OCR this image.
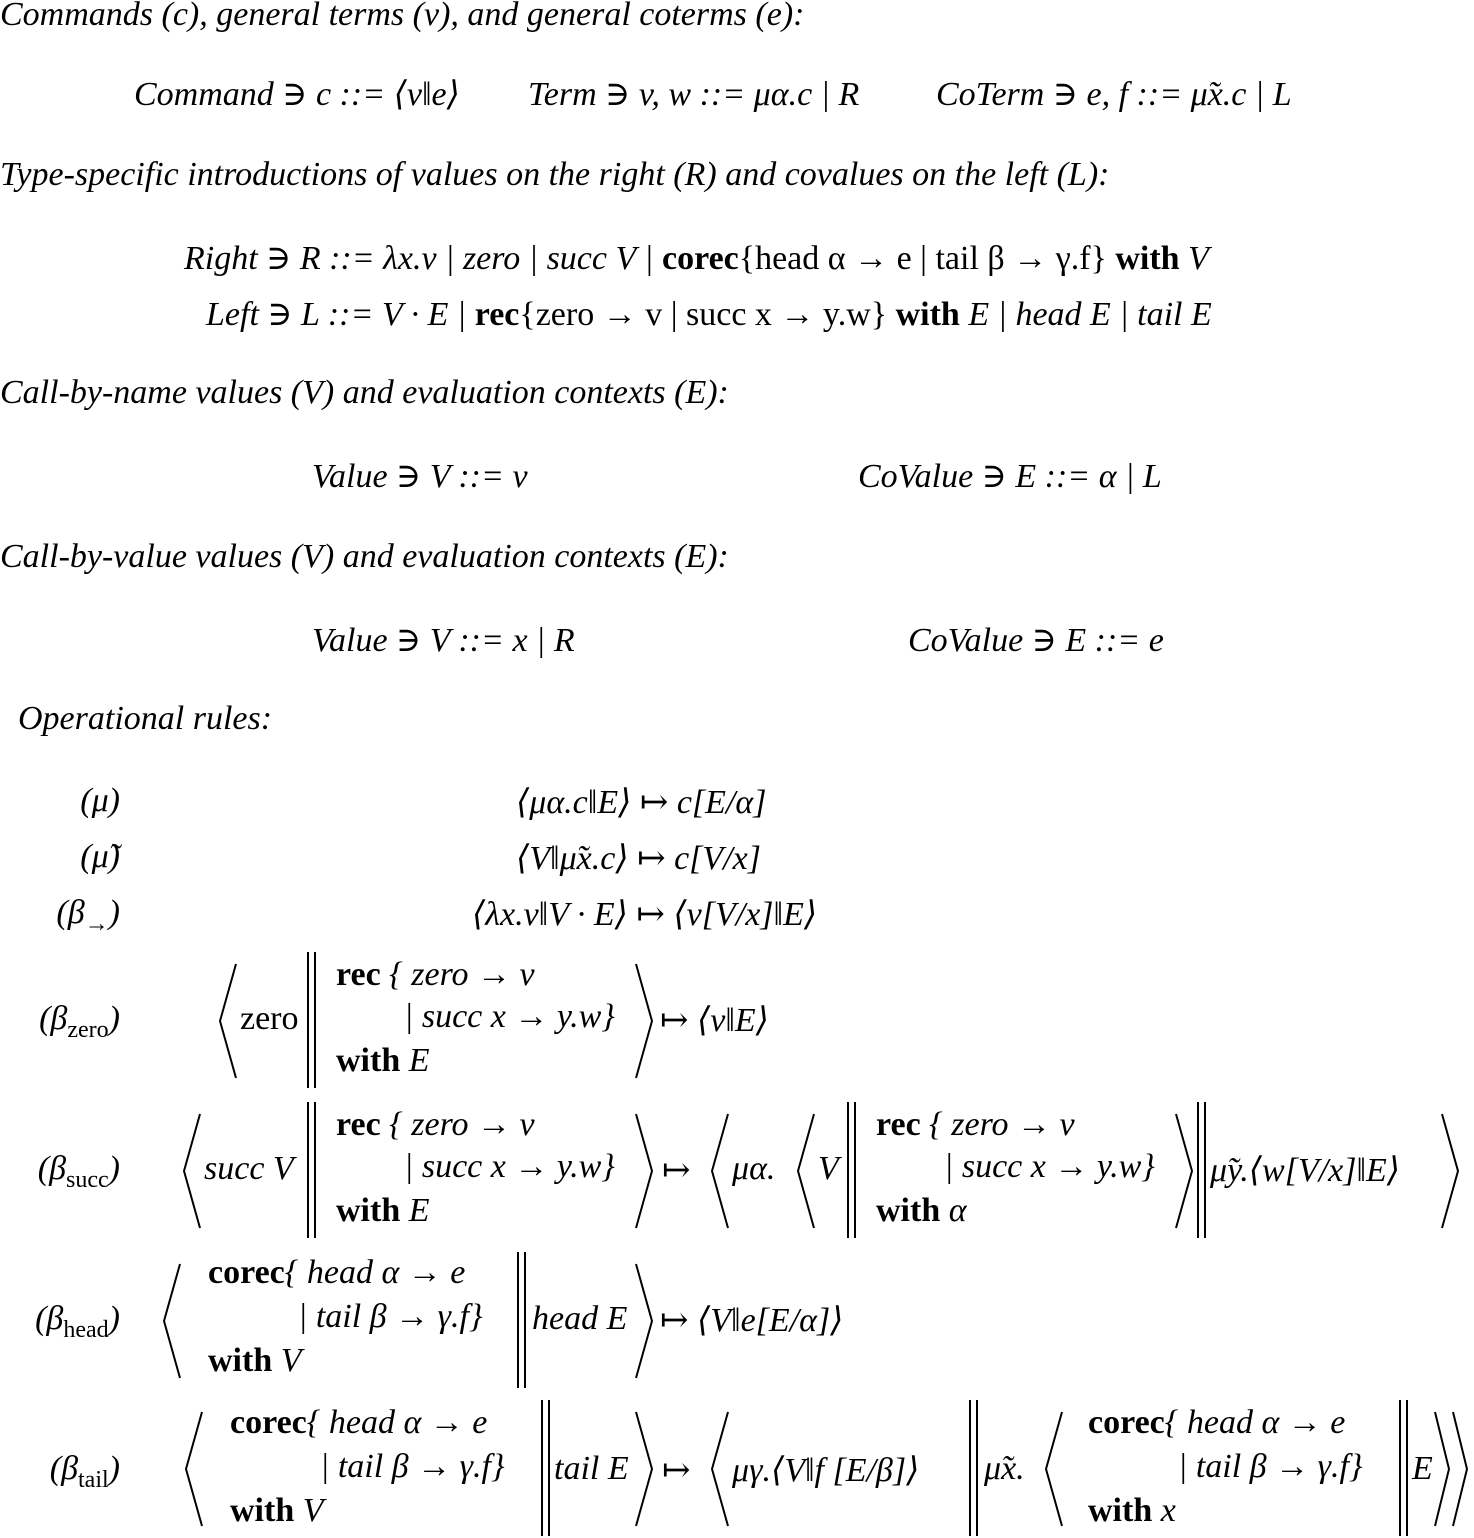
Commands (c), general terms (v), and general coterms (e):
Command ∋ c ::= ⟨v‖e⟩ Term ∋ v, w ::= μα.c | R CoTerm ∋ e, f ::= μ̃x.c | L
Type-specific introductions of values on the right (R) and covalues on the left (L):
Right ∋ R ::= λx.v | zero | succ V | corec{head α → e | tail β → γ.f} with V
Left ∋ L ::= V · E | rec{zero → v | succ x → y.w} with E | head E | tail E
Call-by-name values (V) and evaluation contexts (E):
Value ∋ V ::= v	CoValue ∋ E ::= α | L
Call-by-value values (V) and evaluation contexts (E):
Value ∋ V ::= x | R	CoValue ∋ E ::= e
Operational rules:
(μ)	⟨μα.c‖E⟩ ↦ c[E/α]
(μ̃)	⟨V‖μ̃x.c⟩ ↦ c[V/x]
$(\beta_\to)$	⟨λx.v‖V · E⟩ ↦ ⟨v[V/x]‖E⟩
$(\beta_{zero})$	zero
rec { zero → v
| succ x → y.w}
with E
↦ ⟨v‖E⟩
$(\beta_{succ})$ succ V
rec { zero → v
| succ x → y.w}
with E
↦ μα. V
rec { zero → v
| succ x → y.w}
with α
μ̃y.⟨w[V/x]‖E⟩
$(\beta_{head})$
corec{ head α → e
| tail β → γ.f}
with V
head E ↦ ⟨V‖e[E/α]⟩
$(\beta_{tail})$
corec{ head α → e
| tail β → γ.f}
with V
tail E ↦ μγ.⟨V‖f [E/β]⟩ μ̃x.
corec{ head α → e
| tail β → γ.f}
with x
E
